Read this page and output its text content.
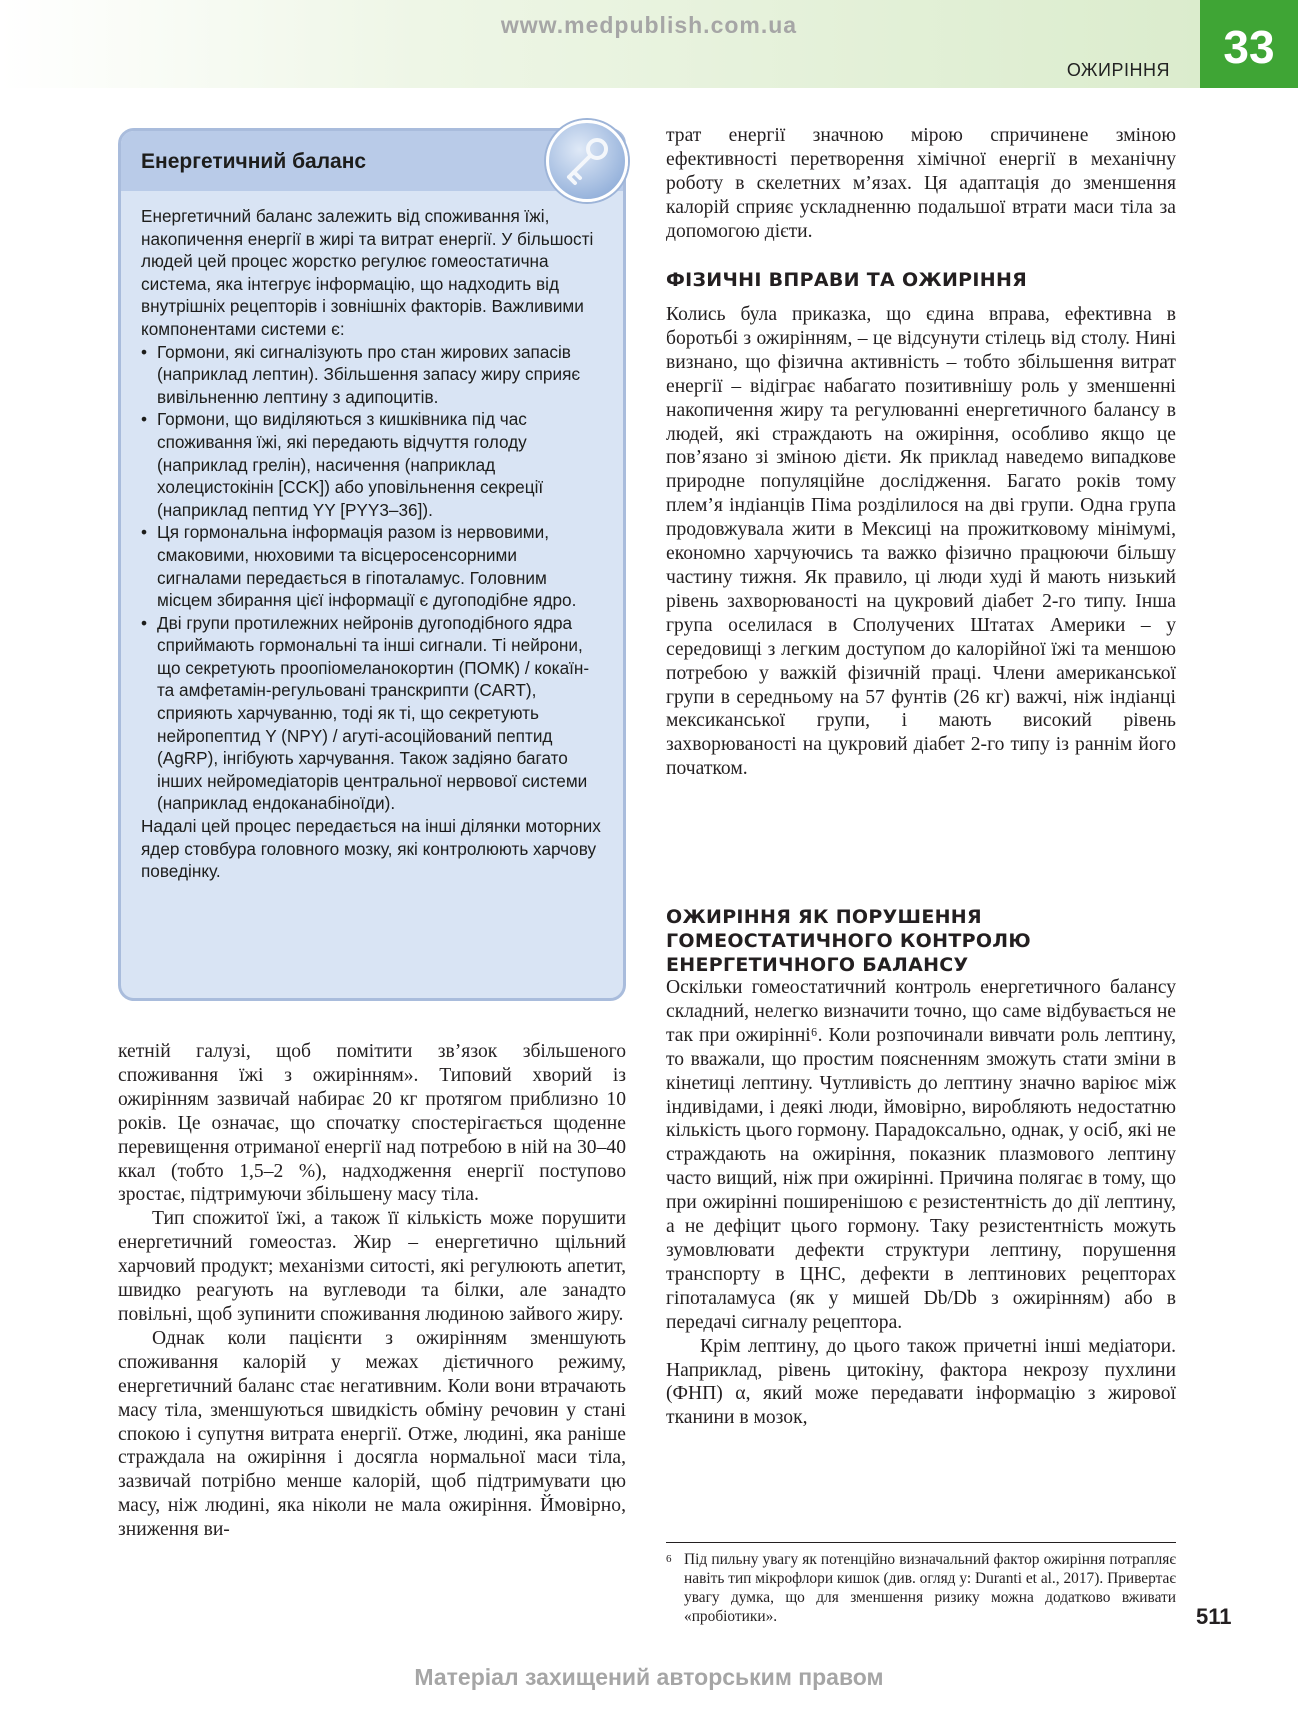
www.medpublish.com.ua
ОЖИРІННЯ	33
Енергетичний баланс

Енергетичний баланс залежить від споживання їжі, накопичення енергії в жирі та витрат енергії. У більшості людей цей процес жорстко регулює гомеостатична система, яка інтегрує інформацію, що надходить від внутрішніх рецепторів і зовнішніх факторів. Важливими компонентами системи є:

• Гормони, які сигналізують про стан жирових запасів (наприклад лептин). Збільшення запасу жиру сприяє вивільненню лептину з адипоцитів.
• Гормони, що виділяються з кишківника під час споживання їжі, які передають відчуття голоду (наприклад грелін), насичення (наприклад холецистокінін [CCK]) або уповільнення секреції (наприклад пептид YY [PYY3–36]).
• Ця гормональна інформація разом із нервовими, смаковими, нюховими та вісцеросенсорними сигналами передається в гіпоталамус. Головним місцем збирання цієї інформації є дугоподібне ядро.
• Дві групи протилежних нейронів дугоподібного ядра сприймають гормональні та інші сигнали. Ті нейрони, що секретують проопіомеланокортин (ПОМК) / кокаїн-та амфетамін-регульовані транскрипти (CART), сприяють харчуванню, тоді як ті, що секретують нейропептид Y (NPY) / агуті-асоційований пептид (AgRP), інгібують харчування. Також задіяно багато інших нейромедіаторів центральної нервової системи (наприклад ендоканабіноїди).

Надалі цей процес передається на інші ділянки моторних ядер стовбура головного мозку, які контролюють харчову поведінку.

кетній галузі, щоб помітити зв’язок збільшеного споживання їжі з ожирінням». Типовий хворий із ожирінням зазвичай набирає 20 кг протягом приблизно 10 років. Це означає, що спочатку спостерігається щоденне перевищення отриманої енергії над потребою в ній на 30–40 ккал (тобто 1,5–2 %), надходження енергії поступово зростає, підтримуючи збільшену масу тіла.

Тип спожитої їжі, а також її кількість може порушити енергетичний гомеостаз. Жир – енергетично щільний харчовий продукт; механізми ситості, які регулюють апетит, швидко реагують на вуглеводи та білки, але занадто повільні, щоб зупинити споживання людиною зайвого жиру.

Однак коли пацієнти з ожирінням зменшують споживання калорій у межах дієтичного режиму, енергетичний баланс стає негативним. Коли вони втрачають масу тіла, зменшуються швидкість обміну речовин у стані спокою і супутня витрата енергії. Отже, людині, яка раніше страждала на ожиріння і досягла нормальної маси тіла, зазвичай потрібно менше калорій, щоб підтримувати цю масу, ніж людині, яка ніколи не мала ожиріння. Ймовірно, зниження ви-

трат енергії значною мірою спричинене зміною ефективності перетворення хімічної енергії в механічну роботу в скелетних м’язах. Ця адаптація до зменшення калорій сприяє ускладненню подальшої втрати маси тіла за допомогою дієти.

ФІЗИЧНІ ВПРАВИ ТА ОЖИРІННЯ

Колись була приказка, що єдина вправа, ефективна в боротьбі з ожирінням, – це відсунути стілець від столу. Нині визнано, що фізична активність – тобто збільшення витрат енергії – відіграє набагато позитивнішу роль у зменшенні накопичення жиру та регулюванні енергетичного балансу в людей, які страждають на ожиріння, особливо якщо це пов’язано зі зміною дієти. Як приклад наведемо випадкове природне популяційне дослідження. Багато років тому плем’я індіанців Піма розділилося на дві групи. Одна група продовжувала жити в Мексиці на прожитковому мінімумі, економно харчуючись та важко фізично працюючи більшу частину тижня. Як правило, ці люди худі й мають низький рівень захворюваності на цукровий діабет 2-го типу. Інша група оселилася в Сполучених Штатах Америки – у середовищі з легким доступом до калорійної їжі та меншою потребою у важкій фізичній праці. Члени американської групи в середньому на 57 фунтів (26 кг) важчі, ніж індіанці мексиканської групи, і мають високий рівень захворюваності на цукровий діабет 2-го типу із раннім його початком.

ОЖИРІННЯ ЯК ПОРУШЕННЯ ГОМЕОСТАТИЧНОГО КОНТРОЛЮ ЕНЕРГЕТИЧНОГО БАЛАНСУ

Оскільки гомеостатичний контроль енергетичного балансу складний, нелегко визначити точно, що саме відбувається не так при ожирінні⁶. Коли розпочинали вивчати роль лептину, то вважали, що простим поясненням зможуть стати зміни в кінетиці лептину. Чутливість до лептину значно варіює між індивідами, і деякі люди, ймовірно, виробляють недостатню кількість цього гормону. Парадоксально, однак, у осіб, які не страждають на ожиріння, показник плазмового лептину часто вищий, ніж при ожирінні. Причина полягає в тому, що при ожирінні поширенішою є резистентність до дії лептину, а не дефіцит цього гормону. Таку резистентність можуть зумовлювати дефекти структури лептину, порушення транспорту в ЦНС, дефекти в лептинових рецепторах гіпоталамуса (як у мишей Db/Db з ожирінням) або в передачі сигналу рецептора.

Крім лептину, до цього також причетні інші медіатори. Наприклад, рівень цитокіну, фактора некрозу пухлини (ФНП) α, який може передавати інформацію з жирової тканини в мозок,

6 Під пильну увагу як потенційно визначальний фактор ожиріння потрапляє навіть тип мікрофлори кишок (див. огляд у: Duranti et al., 2017). Привертає увагу думка, що для зменшення ризику можна додатково вживати «пробіотики».	511
Матеріал захищений авторським правом
